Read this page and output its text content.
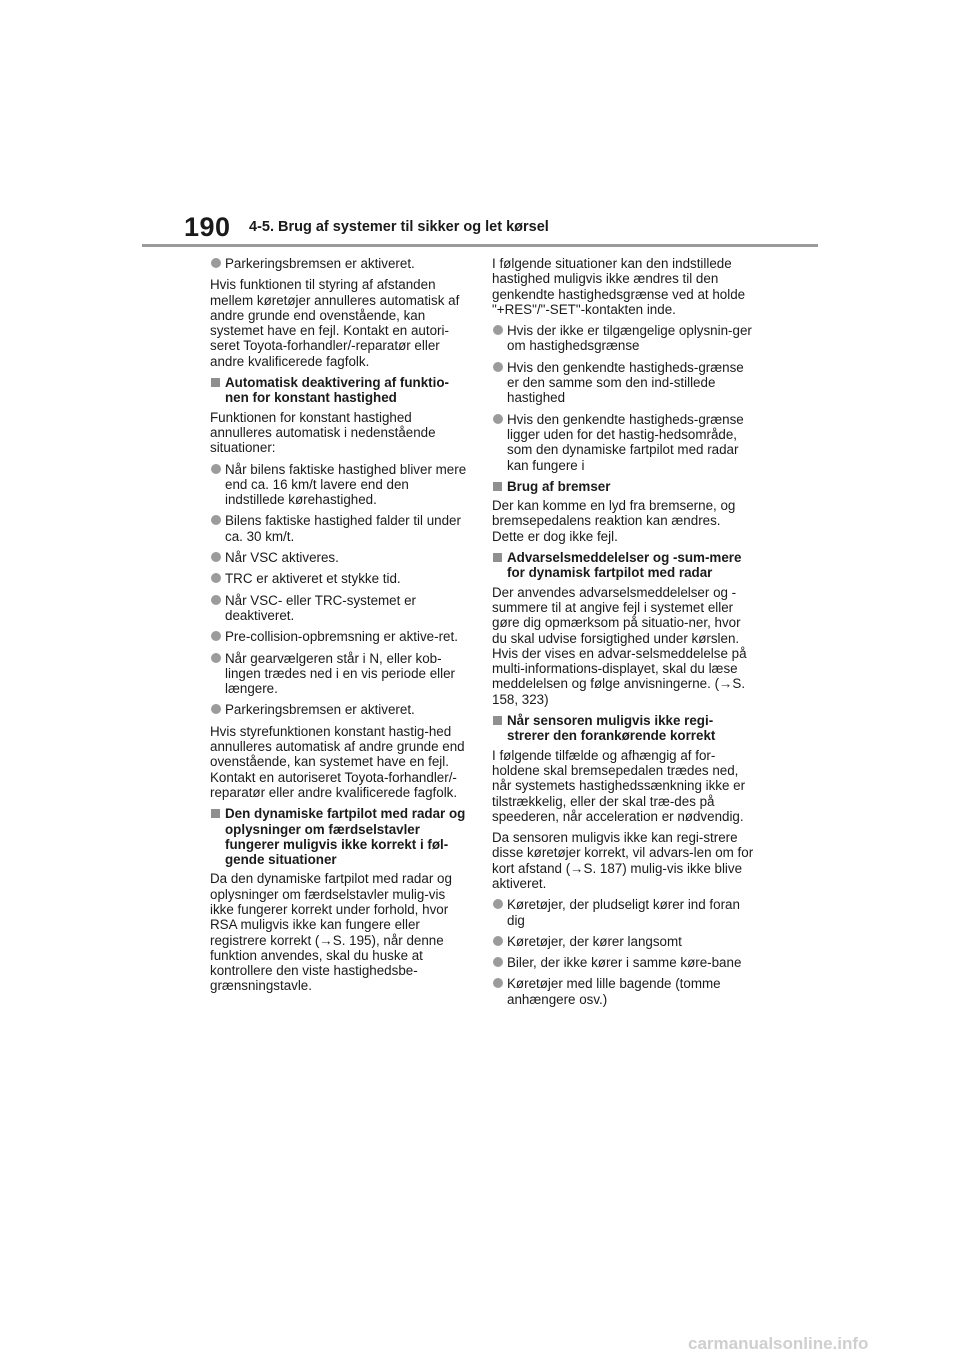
190 4-5. Brug af systemer til sikker og let kørsel
Parkeringsbremsen er aktiveret.
Hvis funktionen til styring af afstanden mellem køretøjer annulleres automatisk af andre grunde end ovenstående, kan systemet have en fejl. Kontakt en autori-seret Toyota-forhandler/-reparatør eller andre kvalificerede fagfolk.
Automatisk deaktivering af funktio-nen for konstant hastighed
Funktionen for konstant hastighed annulleres automatisk i nedenstående situationer:
Når bilens faktiske hastighed bliver mere end ca. 16 km/t lavere end den indstillede kørehastighed.
Bilens faktiske hastighed falder til under ca. 30 km/t.
Når VSC aktiveres.
TRC er aktiveret et stykke tid.
Når VSC- eller TRC-systemet er deaktiveret.
Pre-collision-opbremsning er aktive-ret.
Når gearvælgeren står i N, eller kob-lingen trædes ned i en vis periode eller længere.
Parkeringsbremsen er aktiveret.
Hvis styrefunktionen konstant hastig-hed annulleres automatisk af andre grunde end ovenstående, kan systemet have en fejl. Kontakt en autoriseret Toyota-forhandler/-reparatør eller andre kvalificerede fagfolk.
Den dynamiske fartpilot med radar og oplysninger om færdselstavler fungerer muligvis ikke korrekt i føl-gende situationer
Da den dynamiske fartpilot med radar og oplysninger om færdselstavler mulig-vis ikke fungerer korrekt under forhold, hvor RSA muligvis ikke kan fungere eller registrere korrekt (→S. 195), når denne funktion anvendes, skal du huske at kontrollere den viste hastighedsbe-grænsningstavle.
I følgende situationer kan den indstillede hastighed muligvis ikke ændres til den genkendte hastighedsgrænse ved at holde "+RES"/"-SET"-kontakten inde.
Hvis der ikke er tilgængelige oplysnin-ger om hastighedsgrænse
Hvis den genkendte hastigheds-grænse er den samme som den ind-stillede hastighed
Hvis den genkendte hastigheds-grænse ligger uden for det hastig-hedsområde, som den dynamiske fartpilot med radar kan fungere i
Brug af bremser
Der kan komme en lyd fra bremserne, og bremsepedalens reaktion kan ændres. Dette er dog ikke fejl.
Advarselsmeddelelser og -sum-mere for dynamisk fartpilot med radar
Der anvendes advarselsmeddelelser og -summere til at angive fejl i systemet eller gøre dig opmærksom på situatio-ner, hvor du skal udvise forsigtighed under kørslen. Hvis der vises en advar-selsmeddelelse på multi-informations-displayet, skal du læse meddelelsen og følge anvisningerne. (→S. 158, 323)
Når sensoren muligvis ikke regi-strerer den forankørende korrekt
I følgende tilfælde og afhængig af for-holdene skal bremsepedalen trædes ned, når systemets hastighedssænkning ikke er tilstrækkelig, eller der skal træ-des på speederen, når acceleration er nødvendig.
Da sensoren muligvis ikke kan regi-strere disse køretøjer korrekt, vil advars-len om for kort afstand (→S. 187) mulig-vis ikke blive aktiveret.
Køretøjer, der pludseligt kører ind foran dig
Køretøjer, der kører langsomt
Biler, der ikke kører i samme køre-bane
Køretøjer med lille bagende (tomme anhængere osv.)
carmanualsonline.info
